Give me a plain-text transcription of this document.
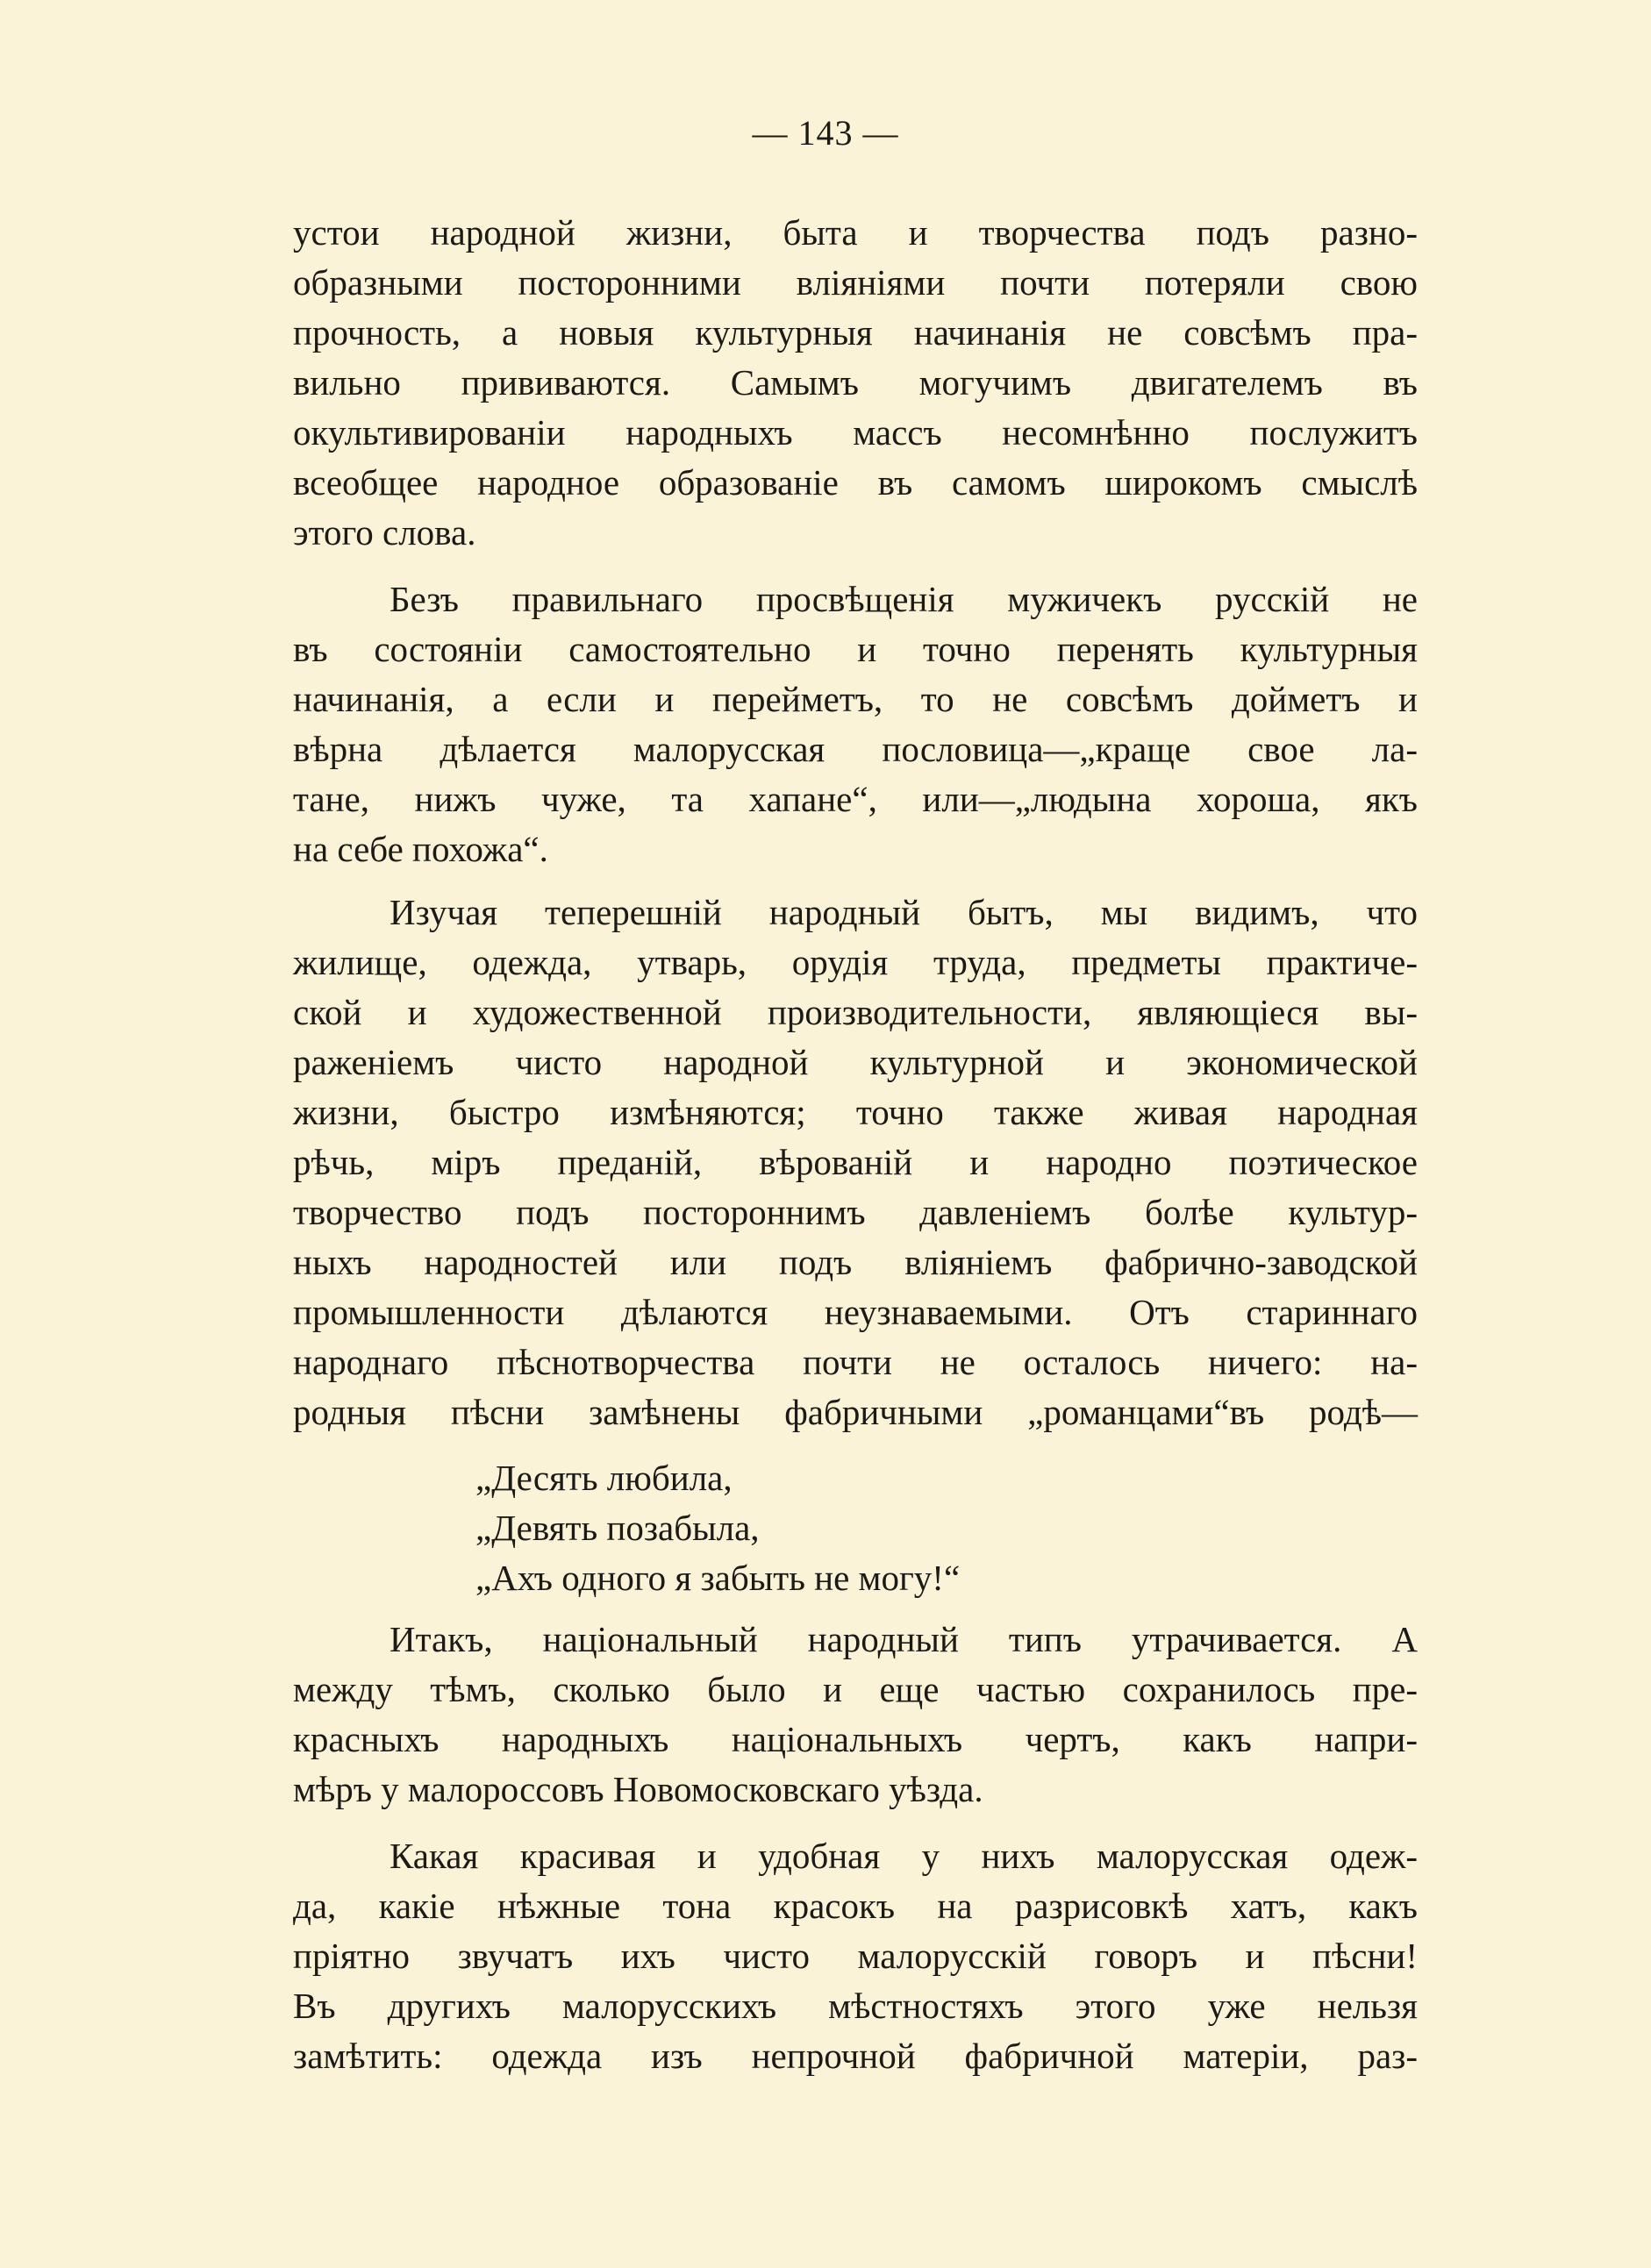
— 143 —
устои народной жизни, быта и творчества подъ разно-
образными посторонними вліяніями почти потеряли свою
прочность, а новыя культурныя начинанія не совсѣмъ пра-
вильно прививаются. Самымъ могучимъ двигателемъ въ
окультивированіи народныхъ массъ несомнѣнно послужитъ
всеобщее народное образованіе въ самомъ широкомъ смыслѣ
этого слова.
Безъ правильнаго просвѣщенія мужичекъ русскій не
въ состояніи самостоятельно и точно перенять культурныя
начинанія, а если и перейметъ, то не совсѣмъ дойметъ и
вѣрна дѣлается малорусская пословица—„краще свое ла-
тане, нижъ чуже, та хапане“, или—„людына хороша, якъ
на себе похожа“.
Изучая теперешній народный бытъ, мы видимъ, что
жилище, одежда, утварь, орудія труда, предметы практиче-
ской и художественной производительности, являющіеся вы-
раженіемъ чисто народной культурной и экономической
жизни, быстро измѣняются; точно также живая народная
рѣчь, міръ преданій, вѣрованій и народно поэтическое
творчество подъ постороннимъ давленіемъ болѣе культур-
ныхъ народностей или подъ вліяніемъ фабрично-заводской
промышленности дѣлаются неузнаваемыми. Отъ стариннаго
народнаго пѣснотворчества почти не осталось ничего: на-
родныя пѣсни замѣнены фабричными „романцами“въ родѣ—
„Десять любила,
„Девять позабыла,
„Ахъ одного я забыть не могу!“
Итакъ, національный народный типъ утрачивается. А
между тѣмъ, сколько было и еще частью сохранилось пре-
красныхъ народныхъ національныхъ чертъ, какъ напри-
мѣръ у малороссовъ Новомосковскаго уѣзда.
Какая красивая и удобная у нихъ малорусская одеж-
да, какіе нѣжные тона красокъ на разрисовкѣ хатъ, какъ
пріятно звучатъ ихъ чисто малорусскій говоръ и пѣсни!
Въ другихъ малорусскихъ мѣстностяхъ этого уже нельзя
замѣтить: одежда изъ непрочной фабричной матеріи, раз-
